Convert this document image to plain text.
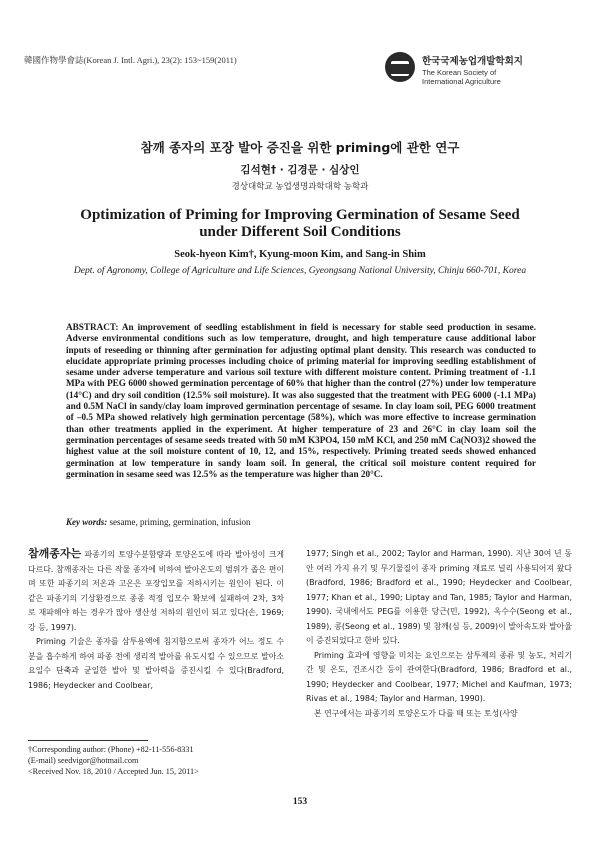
韓國作物學會誌(Korean J. Intl. Agri.), 23(2): 153~159(2011)	한국국제농업개발학회지
The Korean Society of International Agriculture
참깨 종자의 포장 발아 증진을 위한 priming에 관한 연구
김석현† · 김경문 · 심상인
경상대학교 농업생명과학대학 농학과
Optimization of Priming for Improving Germination of Sesame Seed under Different Soil Conditions
Seok-hyeon Kim†, Kyung-moon Kim, and Sang-in Shim
Dept. of Agronomy, College of Agriculture and Life Sciences, Gyeongsang National University, Chinju 660-701, Korea
ABSTRACT: An improvement of seedling establishment in field is necessary for stable seed production in sesame. Adverse environmental conditions such as low temperature, drought, and high temperature cause additional labor inputs of reseeding or thinning after germination for adjusting optimal plant density. This research was conducted to elucidate appropriate priming processes including choice of priming material for improving seedling establishment of sesame under adverse temperature and various soil texture with different moisture content. Priming treatment of -1.1 MPa with PEG 6000 showed germination percentage of 60% that higher than the control (27%) under low temperature (14°C) and dry soil condition (12.5% soil moisture). It was also suggested that the treatment with PEG 6000 (-1.1 MPa) and 0.5M NaCl in sandy/clay loam improved germination percentage of sesame. In clay loam soil, PEG 6000 treatment of –0.5 MPa showed relatively high germination percentage (58%), which was more effective to increase germination than other treatments applied in the experiment. At higher temperature of 23 and 26°C in clay loam soil the germination percentages of sesame seeds treated with 50 mM K3PO4, 150 mM KCl, and 250 mM Ca(NO3)2 showed the highest value at the soil moisture content of 10, 12, and 15%, respectively. Priming treated seeds showed enhanced germination at low temperature in sandy loam soil. In general, the critical soil moisture content required for germination in sesame seed was 12.5% as the temperature was higher than 20°C.
Key words: sesame, priming, germination, infusion
참깨종자는 파종기의 토양수분함량과 토양온도에 따라 발아성이 크게 다르다. 참깨종자는 다른 작물 종자에 비하여 발아온도의 범위가 좁은 편이며 또한 파종기의 저온과 고온은 포장입모를 저하시키는 원인이 된다. 이 같은 파종기의 기상환경으로 종종 적정 입모수 확보에 실패하여 2차, 3차로 재파해야 하는 경우가 많아 생산성 저하의 원인이 되고 있다(손, 1969; 강 등, 1997).
Priming 기술은 종자를 삼투용액에 침지함으로써 종자가 어느 정도 수분을 흡수하게 하여 파종 전에 생리적 발아를 유도시킬 수 있으므로 발아소요일수 단축과 균일한 발아 및 발아력을 증진시킬 수 있다(Bradford, 1986; Heydecker and Coolbear,
1977; Singh et al., 2002; Taylor and Harman, 1990). 지난 30여 년 동안 여러 가지 유기 및 무기물질이 종자 priming 재료로 널리 사용되어져 왔다(Bradford, 1986; Bradford et al., 1990; Heydecker and Coolbear, 1977; Khan et al., 1990; Liptay and Tan, 1985; Taylor and Harman, 1990). 국내에서도 PEG를 이용한 당근(민, 1992), 옥수수(Seong et al., 1989), 콩(Seong et al., 1989) 및 참깨(심 등, 2009)이 발아속도와 발아율이 증진되었다고 한바 있다.
Priming 효과에 영향을 미치는 요인으로는 삼투제의 종류 및 농도, 처리기간 및 온도, 건조시간 등이 관여한다(Bradford, 1986; Bradford et al., 1990; Heydecker and Coolbear, 1977; Michel and Kaufman, 1973; Rivas et al., 1984; Taylor and Harman, 1990).
본 연구에서는 파종기의 토양온도가 다를 때 또는 토성(사양
†Corresponding author: (Phone) +82-11-556-8331
(E-mail) seedvigor@hotmail.com
<Received Nov. 18, 2010 / Accepted Jun. 15, 2011>
153
